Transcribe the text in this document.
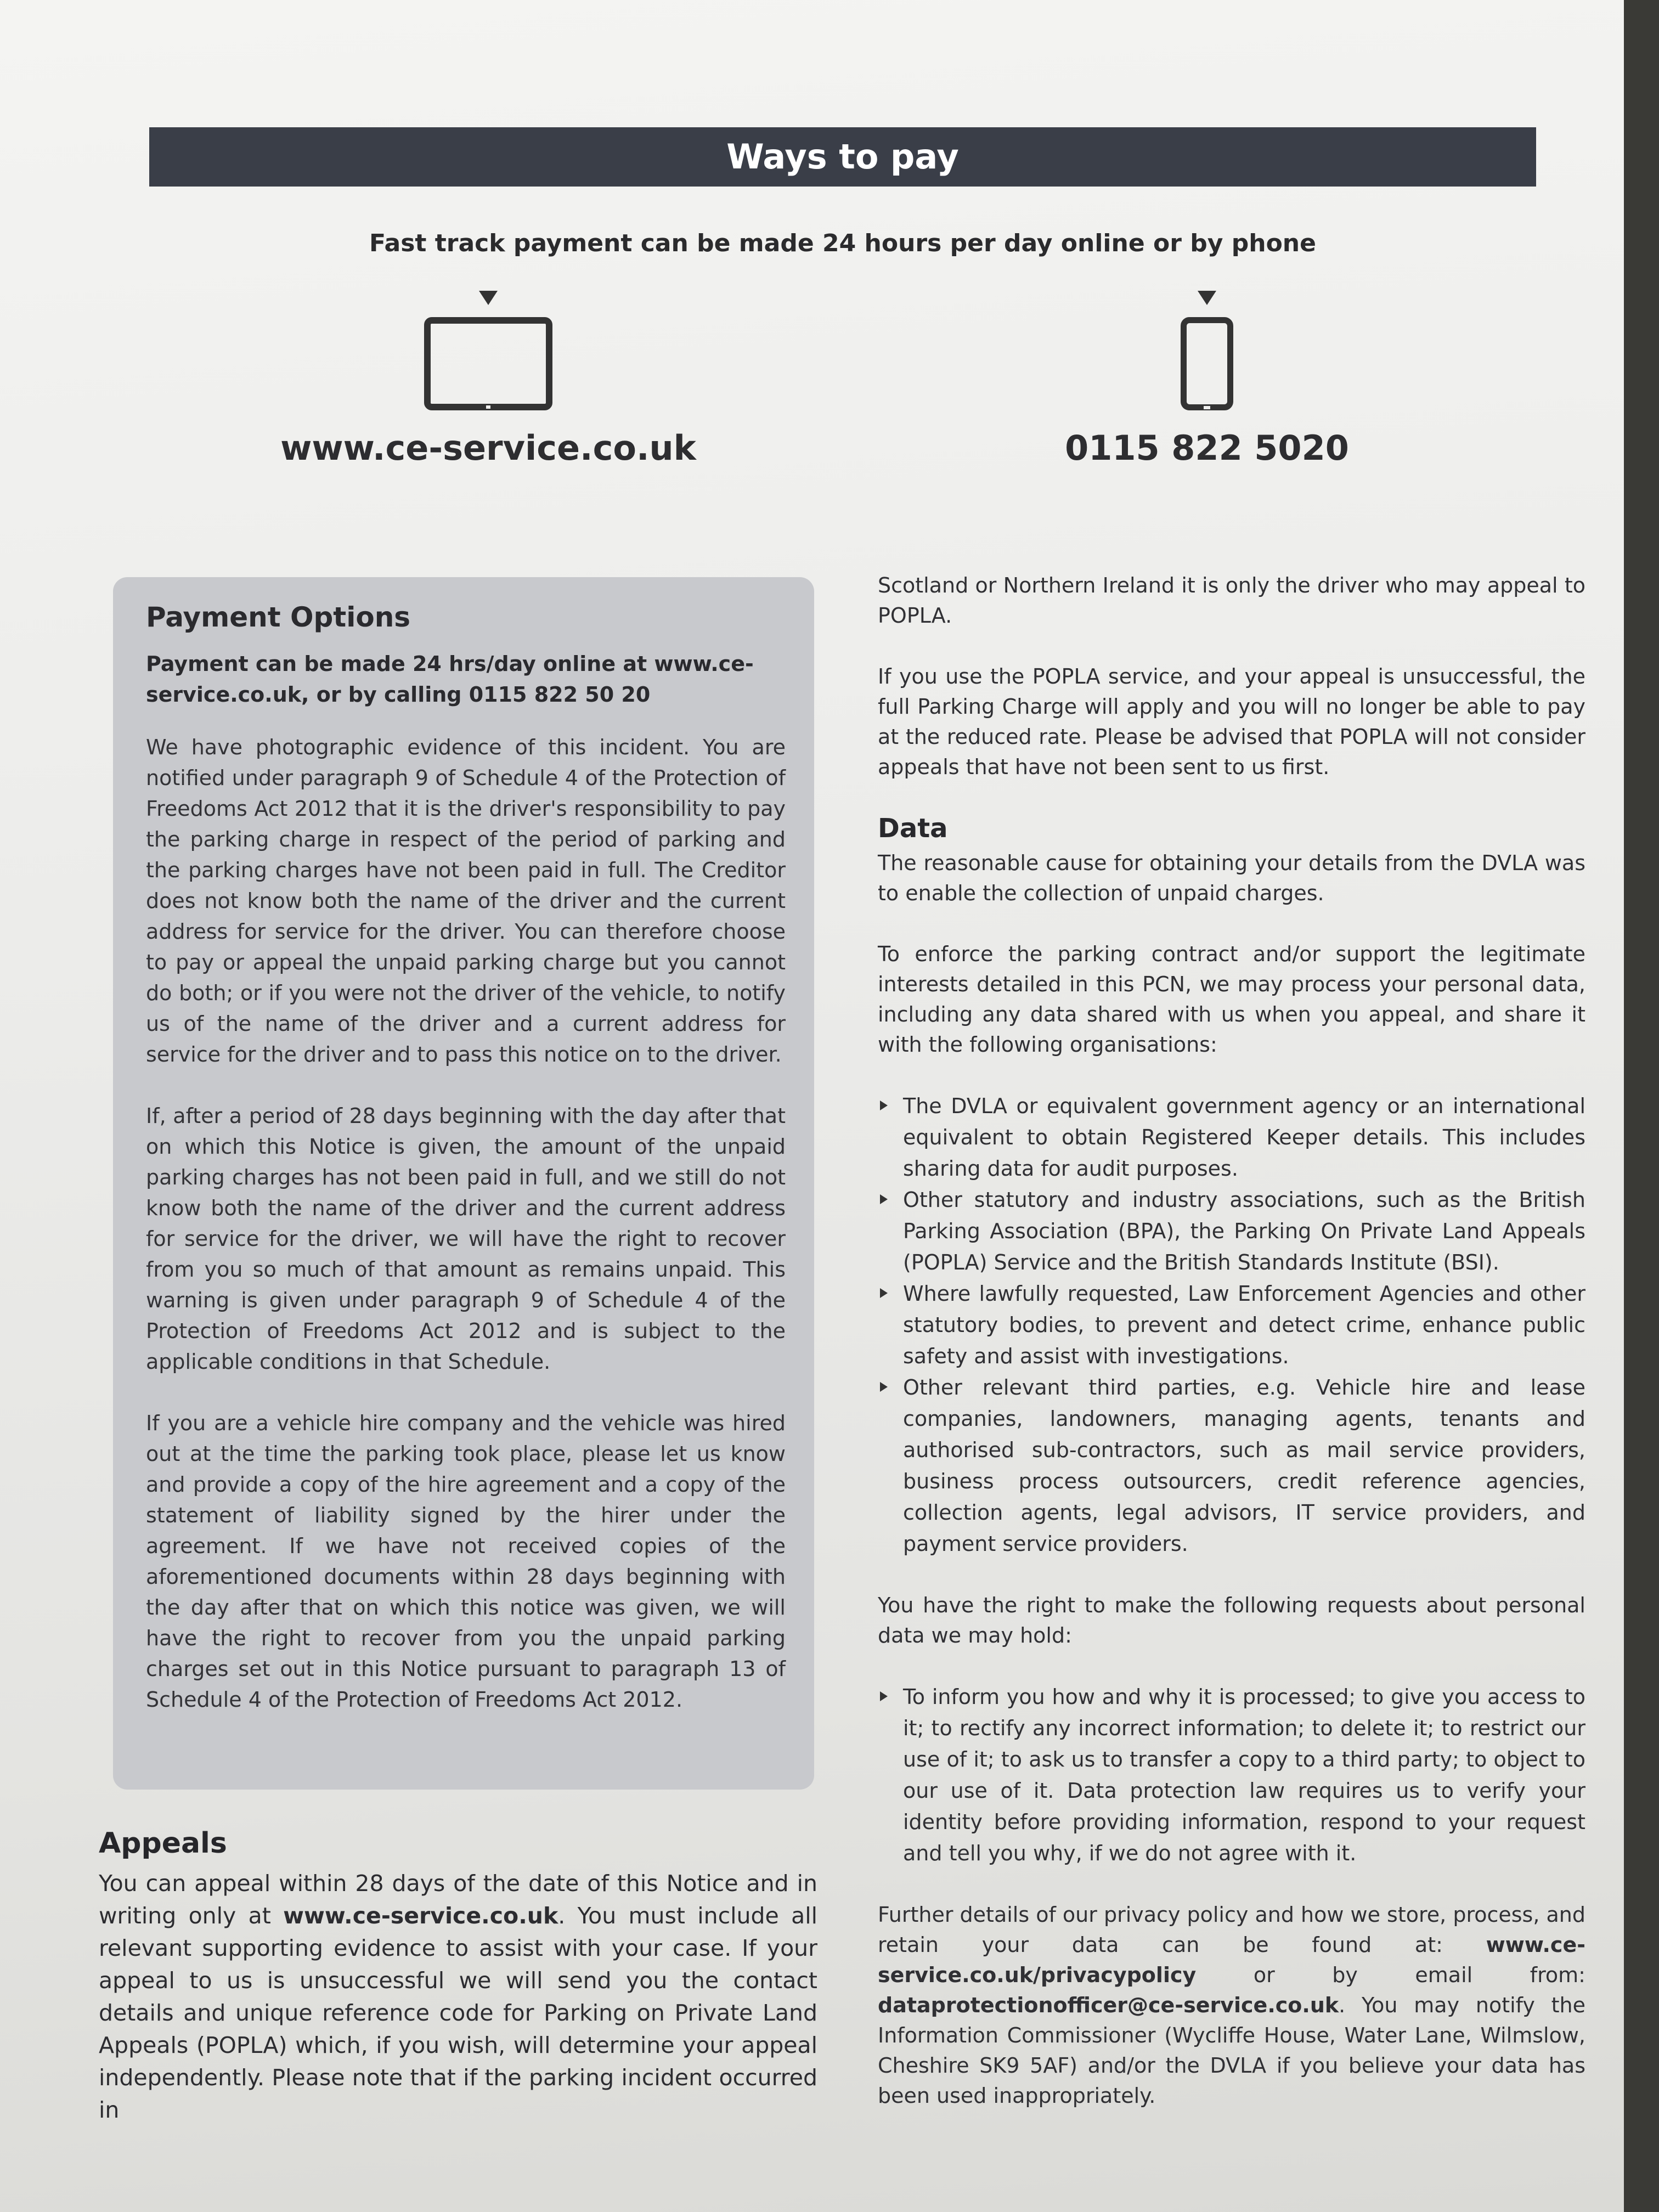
Ways to pay
Fast track payment can be made 24 hours per day online or by phone
www.ce-service.co.uk	0115 822 5020
Payment Options
Payment can be made 24 hrs/day online at www.ce-service.co.uk, or by calling 0115 822 50 20

We have photographic evidence of this incident. You are notified under paragraph 9 of Schedule 4 of the Protection of Freedoms Act 2012 that it is the driver's responsibility to pay the parking charge in respect of the period of parking and the parking charges have not been paid in full. The Creditor does not know both the name of the driver and the current address for service for the driver. You can therefore choose to pay or appeal the unpaid parking charge but you cannot do both; or if you were not the driver of the vehicle, to notify us of the name of the driver and a current address for service for the driver and to pass this notice on to the driver.

If, after a period of 28 days beginning with the day after that on which this Notice is given, the amount of the unpaid parking charges has not been paid in full, and we still do not know both the name of the driver and the current address for service for the driver, we will have the right to recover from you so much of that amount as remains unpaid. This warning is given under paragraph 9 of Schedule 4 of the Protection of Freedoms Act 2012 and is subject to the applicable conditions in that Schedule.

If you are a vehicle hire company and the vehicle was hired out at the time the parking took place, please let us know and provide a copy of the hire agreement and a copy of the statement of liability signed by the hirer under the agreement. If we have not received copies of the aforementioned documents within 28 days beginning with the day after that on which this notice was given, we will have the right to recover from you the unpaid parking charges set out in this Notice pursuant to paragraph 13 of Schedule 4 of the Protection of Freedoms Act 2012.

Appeals

You can appeal within 28 days of the date of this Notice and in writing only at www.ce-service.co.uk. You must include all relevant supporting evidence to assist with your case. If your appeal to us is unsuccessful we will send you the contact details and unique reference code for Parking on Private Land Appeals (POPLA) which, if you wish, will determine your appeal independently. Please note that if the parking incident occurred in

Scotland or Northern Ireland it is only the driver who may appeal to POPLA.

If you use the POPLA service, and your appeal is unsuccessful, the full Parking Charge will apply and you will no longer be able to pay at the reduced rate. Please be advised that POPLA will not consider appeals that have not been sent to us first.

Data

The reasonable cause for obtaining your details from the DVLA was to enable the collection of unpaid charges.

To enforce the parking contract and/or support the legitimate interests detailed in this PCN, we may process your personal data, including any data shared with us when you appeal, and share it with the following organisations:

The DVLA or equivalent government agency or an international equivalent to obtain Registered Keeper details. This includes sharing data for audit purposes.
Other statutory and industry associations, such as the British Parking Association (BPA), the Parking On Private Land Appeals (POPLA) Service and the British Standards Institute (BSI).
Where lawfully requested, Law Enforcement Agencies and other statutory bodies, to prevent and detect crime, enhance public safety and assist with investigations.
Other relevant third parties, e.g. Vehicle hire and lease companies, landowners, managing agents, tenants and authorised sub-contractors, such as mail service providers, business process outsourcers, credit reference agencies, collection agents, legal advisors, IT service providers, and payment service providers.

You have the right to make the following requests about personal data we may hold:

To inform you how and why it is processed; to give you access to it; to rectify any incorrect information; to delete it; to restrict our use of it; to ask us to transfer a copy to a third party; to object to our use of it. Data protection law requires us to verify your identity before providing information, respond to your request and tell you why, if we do not agree with it.

Further details of our privacy policy and how we store, process, and retain your data can be found at: www.ce-service.co.uk/privacypolicy or by email from: dataprotectionofficer@ce-service.co.uk. You may notify the Information Commissioner (Wycliffe House, Water Lane, Wilmslow, Cheshire SK9 5AF) and/or the DVLA if you believe your data has been used inappropriately.
